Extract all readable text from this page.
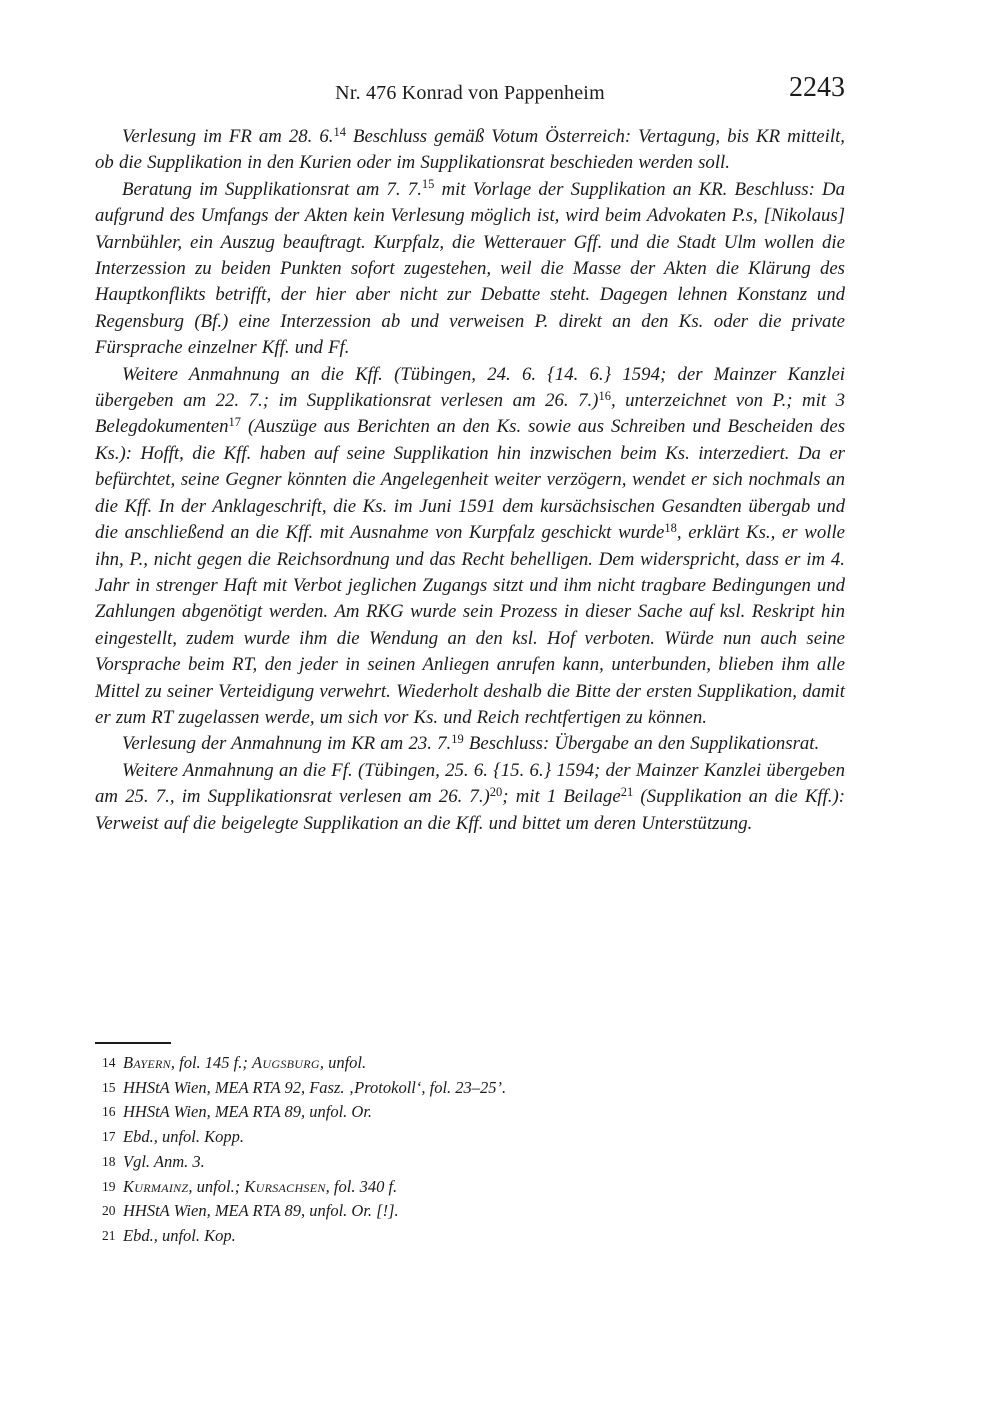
Nr. 476 Konrad von Pappenheim	2243

Verlesung im FR am 28. 6.14 Beschluss gemäß Votum Österreich: Vertagung, bis KR mitteilt, ob die Supplikation in den Kurien oder im Supplikationsrat beschieden werden soll.

Beratung im Supplikationsrat am 7. 7.15 mit Vorlage der Supplikation an KR. Beschluss: Da aufgrund des Umfangs der Akten kein Verlesung möglich ist, wird beim Advokaten P.s, [Nikolaus] Varnbühler, ein Auszug beauftragt. Kurpfalz, die Wetterauer Gff. und die Stadt Ulm wollen die Interzession zu beiden Punkten sofort zugestehen, weil die Masse der Akten die Klärung des Hauptkonflikts betrifft, der hier aber nicht zur Debatte steht. Dagegen lehnen Konstanz und Regensburg (Bf.) eine Interzession ab und verweisen P. direkt an den Ks. oder die private Fürsprache einzelner Kff. und Ff.

Weitere Anmahnung an die Kff. (Tübingen, 24. 6. {14. 6.} 1594; der Mainzer Kanzlei übergeben am 22. 7.; im Supplikationsrat verlesen am 26. 7.)$^{16}$, unterzeichnet von P.; mit 3 Belegdokumenten$^{17}$ (Auszüge aus Berichten an den Ks. sowie aus Schreiben und Bescheiden des Ks.): Hofft, die Kff. haben auf seine Supplikation hin inzwischen beim Ks. interzediert. Da er befürchtet, seine Gegner könnten die Angelegenheit weiter verzögern, wendet er sich nochmals an die Kff. In der Anklageschrift, die Ks. im Juni 1591 dem kursächsischen Gesandten übergab und die anschließend an die Kff. mit Ausnahme von Kurpfalz geschickt wurde$^{18}$, erklärt Ks., er wolle ihn, P., nicht gegen die Reichsordnung und das Recht behelligen. Dem widerspricht, dass er im 4. Jahr in strenger Haft mit Verbot jeglichen Zugangs sitzt und ihm nicht tragbare Bedingungen und Zahlungen abgenötigt werden. Am RKG wurde sein Prozess in dieser Sache auf ksl. Reskript hin eingestellt, zudem wurde ihm die Wendung an den ksl. Hof verboten. Würde nun auch seine Vorsprache beim RT, den jeder in seinen Anliegen anrufen kann, unterbunden, blieben ihm alle Mittel zu seiner Verteidigung verwehrt. Wiederholt deshalb die Bitte der ersten Supplikation, damit er zum RT zugelassen werde, um sich vor Ks. und Reich rechtfertigen zu können.

Verlesung der Anmahnung im KR am 23. 7.19 Beschluss: Übergabe an den Supplikationsrat.

Weitere Anmahnung an die Ff. (Tübingen, 25. 6. {15. 6.} 1594; der Mainzer Kanzlei übergeben am 25. 7., im Supplikationsrat verlesen am 26. 7.)$^{20}$; mit 1 Beilage$^{21}$ (Supplikation an die Kff.): Verweist auf die beigelegte Supplikation an die Kff. und bittet um deren Unterstützung.

14 Bayern, fol. 145 f.; Augsburg, unfol.
15 HHStA Wien, MEA RTA 92, Fasz. ‚Protokoll‘, fol. 23–25’.
16 HHStA Wien, MEA RTA 89, unfol. Or.
17 Ebd., unfol. Kopp.
18 Vgl. Anm. 3.
19 Kurmainz, unfol.; Kursachsen, fol. 340 f.
20 HHStA Wien, MEA RTA 89, unfol. Or. [!].
21 Ebd., unfol. Kop.
